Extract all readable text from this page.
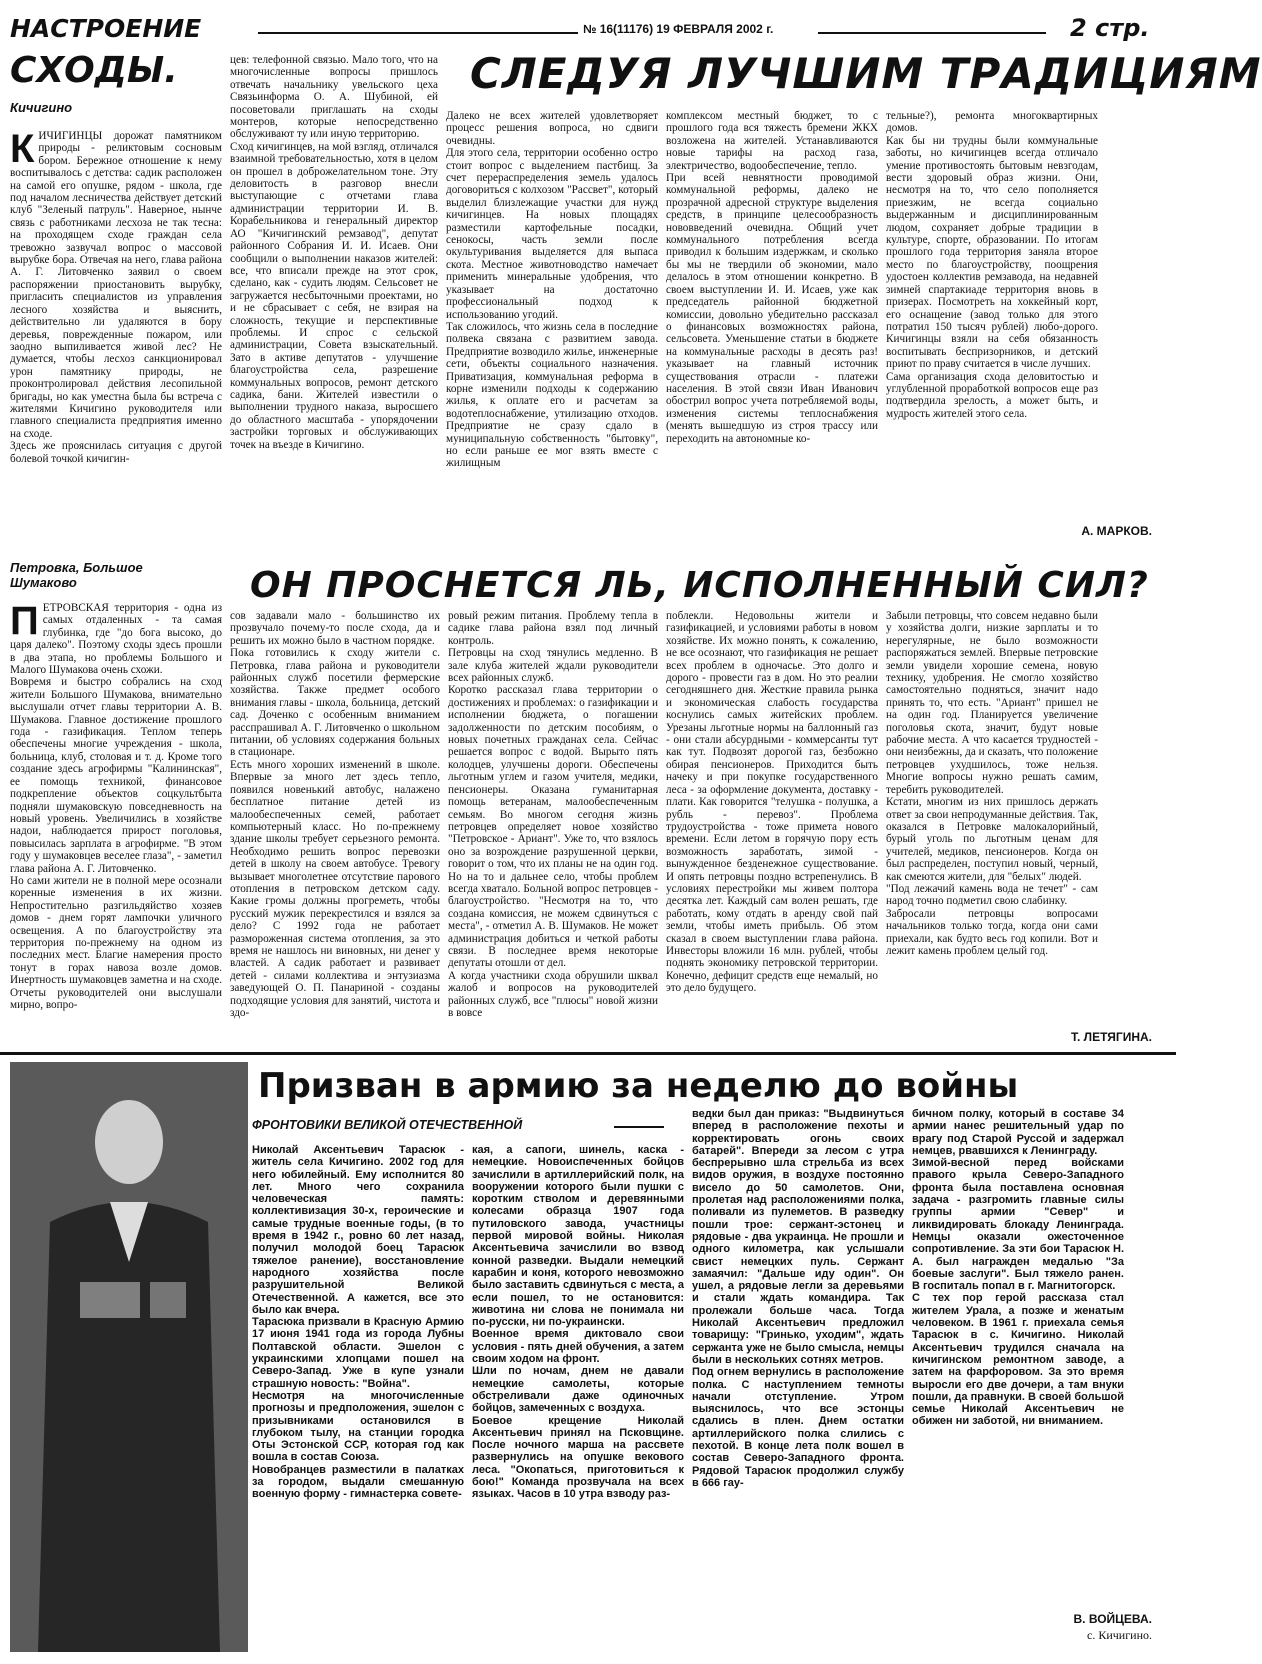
НАСТРОЕНИЕ	№ 16(11176) 19 ФЕВРАЛЯ 2002 г.	2 стр.
СХОДЫ.
Кичигино
СЛЕДУЯ ЛУЧШИМ ТРАДИЦИЯМ
К ИЧИГИНЦЫ дорожат памятником природы - реликтовым сосновым бором. Бережное отношение к нему воспитывалось с детства: садик расположен на самой его опушке, рядом - школа, где под началом лесничества действует детский клуб "Зеленый патруль". Наверное, нынче связь с работниками лесхоза не так тесна: на проходящем сходе граждан села тревожно зазвучал вопрос о массовой вырубке бора. Отвечая на него, глава района А. Г. Литовченко заявил о своем распоряжении приостановить вырубку, пригласить специалистов из управления лесного хозяйства и выяснить, действительно ли удаляются в бору деревья, поврежденные пожаром, или заодно выпиливается живой лес? Не думается, чтобы лесхоз санкционировал урон памятнику природы, не проконтролировал действия лесопильной бригады, но как уместна была бы встреча с жителями Кичигино руководителя или главного специалиста предприятия именно на сходе.
Здесь же прояснилась ситуация с другой болевой точкой кичигин-
цев: телефонной связью. Мало того, что на многочисленные вопросы пришлось отвечать начальнику увельского цеха Связьинформа О. А. Шубиной, ей посоветовали приглашать на сходы монтеров, которые непосредственно обслуживают ту или иную территорию.
Сход кичигинцев, на мой взгляд, отличался взаимной требовательностью, хотя в целом он прошел в доброжелательном тоне. Эту деловитость в разговор внесли выступающие с отчетами глава администрации территории И. В. Корабельникова и генеральный директор АО "Кичигинский ремзавод", депутат районного Собрания И. И. Исаев. Они сообщили о выполнении наказов жителей: все, что вписали прежде на этот срок, сделано, как - судить людям. Сельсовет не загружается несбыточными проектами, но и не сбрасывает с себя, не взирая на сложность, текущие и перспективные проблемы. И спрос с сельской администрации, Совета взыскательный. Зато в активе депутатов - улучшение благоустройства села, разрешение коммунальных вопросов, ремонт детского садика, бани. Жителей известили о выполнении трудного наказа, выросшего до областного масштаба - упорядочении застройки торговых и обслуживающих точек на въезде в Кичигино.
Далеко не всех жителей удовлетворяет процесс решения вопроса, но сдвиги очевидны.
Для этого села, территории особенно остро стоит вопрос с выделением пастбищ. За счет перераспределения земель удалось договориться с колхозом "Рассвет", который выделил близлежащие участки для нужд кичигинцев. На новых площадях разместили картофельные посадки, сенокосы, часть земли после окультуривания выделяется для выпаса скота. Местное животноводство намечает применить минеральные удобрения, что указывает на достаточно профессиональный подход к использованию угодий.
Так сложилось, что жизнь села в последние полвека связана с развитием завода. Предприятие возводило жилье, инженерные сети, объекты социального назначения. Приватизация, коммунальная реформа в корне изменили подходы к содержанию жилья, к оплате его и расчетам за водотеплоснабжение, утилизацию отходов. Предприятие не сразу сдало в муниципальную собственность "бытовку", но если раньше ее мог взять вместе с жилищным
комплексом местный бюджет, то с прошлого года вся тяжесть бремени ЖКХ возложена на жителей. Устанавливаются новые тарифы на расход газа, электричество, водообеспечение, тепло.
При всей невнятности проводимой коммунальной реформы, далеко не прозрачной адресной структуре выделения средств, в принципе целесообразность нововведений очевидна. Общий учет коммунального потребления всегда приводил к большим издержкам, и сколько бы мы не твердили об экономии, мало делалось в этом отношении конкретно. В своем выступлении И. И. Исаев, уже как председатель районной бюджетной комиссии, довольно убедительно рассказал о финансовых возможностях района, сельсовета. Уменьшение статьи в бюджете на коммунальные расходы в десять раз! указывает на главный источник существования отрасли - платежи населения. В этой связи Иван Иванович обострил вопрос учета потребляемой воды, изменения системы теплоснабжения (менять вышедшую из строя трассу или переходить на автономные ко-
тельные?), ремонта многоквартирных домов.
Как бы ни трудны были коммунальные заботы, но кичигинцев всегда отличало умение противостоять бытовым невзгодам, вести здоровый образ жизни. Они, несмотря на то, что село пополняется приезжим, не всегда социально выдержанным и дисциплинированным людом, сохраняет добрые традиции в культуре, спорте, образовании. По итогам прошлого года территория заняла второе место по благоустройству, поощрения удостоен коллектив ремзавода, на недавней зимней спартакиаде территория вновь в призерах. Посмотреть на хоккейный корт, его оснащение (завод только для этого потратил 150 тысяч рублей) любо-дорого. Кичигинцы взяли на себя обязанность воспитывать беспризорников, и детский приют по праву считается в числе лучших.
Сама организация схода деловитостью и углубленной проработкой вопросов еще раз подтвердила зрелость, а может быть, и мудрость жителей этого села.
А. МАРКОВ.
Петровка, Большое Шумаково	ОН ПРОСНЕТСЯ ЛЬ, ИСПОЛНЕННЫЙ СИЛ?
П ЕТРОВСКАЯ территория - одна из самых отдаленных - та самая глубинка, где "до бога высоко, до царя далеко". Поэтому сходы здесь прошли в два этапа, но проблемы Большого и Малого Шумакова очень схожи.
Вовремя и быстро собрались на сход жители Большого Шумакова, внимательно выслушали отчет главы территории А. В. Шумакова. Главное достижение прошлого года - газификация. Теплом теперь обеспечены многие учреждения - школа, больница, клуб, столовая и т. д. Кроме того создание здесь агрофирмы "Калининская", ее помощь техникой, финансовое подкрепление объектов соцкультбыта подняли шумаковскую повседневность на новый уровень. Увеличились в хозяйстве надои, наблюдается прирост поголовья, повысилась зарплата в агрофирме. "В этом году у шумаковцев веселее глаза", - заметил глава района А. Г. Литовченко.
Но сами жители не в полной мере осознали коренные изменения в их жизни. Непростительно разгильдяйство хозяев домов - днем горят лампочки уличного освещения. А по благоустройству эта территория по-прежнему на одном из последних мест. Благие намерения просто тонут в горах навоза возле домов. Инертность шумаковцев заметна и на сходе. Отчеты руководителей они выслушали мирно, вопро-
сов задавали мало - большинство их прозвучало почему-то после схода, да и решить их можно было в частном порядке.
Пока готовились к сходу жители с. Петровка, глава района и руководители районных служб посетили фермерские хозяйства. Также предмет особого внимания главы - школа, больница, детский сад. Доченко с особенным вниманием расспрашивал А. Г. Литовченко о школьном питании, об условиях содержания больных в стационаре.
Есть много хороших изменений в школе. Впервые за много лет здесь тепло, появился новенький автобус, налажено бесплатное питание детей из малообеспеченных семей, работает компьютерный класс. Но по-прежнему здание школы требует серьезного ремонта. Необходимо решить вопрос перевозки детей в школу на своем автобусе. Тревогу вызывает многолетнее отсутствие парового отопления в петровском детском саду. Какие громы должны прогреметь, чтобы русский мужик перекрестился и взялся за дело? С 1992 года не работает размороженная система отопления, за это время не нашлось ни виновных, ни денег у властей. А садик работает и развивает детей - силами коллектива и энтузиазма заведующей О. П. Панариной - созданы подходящие условия для занятий, чистота и здо-
ровый режим питания. Проблему тепла в садике глава района взял под личный контроль.
Петровцы на сход тянулись медленно. В зале клуба жителей ждали руководители всех районных служб.
Коротко рассказал глава территории о достижениях и проблемах: о газификации и исполнении бюджета, о погашении задолженности по детским пособиям, о новых почетных гражданах села. Сейчас решается вопрос с водой. Вырыто пять колодцев, улучшены дороги. Обеспечены льготным углем и газом учителя, медики, пенсионеры. Оказана гуманитарная помощь ветеранам, малообеспеченным семьям. Во многом сегодня жизнь петровцев определяет новое хозяйство "Петровское - Ариант". Уже то, что взялось оно за возрождение разрушенной церкви, говорит о том, что их планы не на один год. Но на то и дальнее село, чтобы проблем всегда хватало. Больной вопрос петровцев - благоустройство. "Несмотря на то, что создана комиссия, не можем сдвинуться с места", - отметил А. В. Шумаков. Не может администрация добиться и четкой работы связи. В последнее время некоторые депутаты отошли от дел.
А когда участники схода обрушили шквал жалоб и вопросов на руководителей районных служб, все "плюсы" новой жизни в вовсе
поблекли. Недовольны жители и газификацией, и условиями работы в новом хозяйстве. Их можно понять, к сожалению, не все осознают, что газификация не решает всех проблем в одночасье. Это долго и дорого - провести газ в дом. Но это реалии сегодняшнего дня. Жесткие правила рынка и экономическая слабость государства коснулись самых житейских проблем. Урезаны льготные нормы на баллонный газ - они стали абсурдными - коммерсанты тут как тут. Подвозят дорогой газ, безбожно обирая пенсионеров. Приходится быть начеку и при покупке государственного леса - за оформление документа, доставку - плати. Как говорится "телушка - полушка, а рубль - перевоз". Проблема трудоустройства - тоже примета нового времени. Если летом в горячую пору есть возможность заработать, зимой - вынужденное безденежное существование. И опять петровцы поздно встрепенулись. В условиях перестройки мы живем полтора десятка лет. Каждый сам волен решать, где работать, кому отдать в аренду свой пай земли, чтобы иметь прибыль. Об этом сказал в своем выступлении глава района. Инвесторы вложили 16 млн. рублей, чтобы поднять экономику петровской территории. Конечно, дефицит средств еще немалый, но это дело будущего.
Забыли петровцы, что совсем недавно были у хозяйства долги, низкие зарплаты и то нерегулярные, не было возможности распоряжаться землей. Впервые петровские земли увидели хорошие семена, новую технику, удобрения. Не смогло хозяйство самостоятельно подняться, значит надо принять то, что есть. "Ариант" пришел не на один год. Планируется увеличение поголовья скота, значит, будут новые рабочие места. А что касается трудностей - они неизбежны, да и сказать, что положение петровцев ухудшилось, тоже нельзя. Многие вопросы нужно решать самим, теребить руководителей.
Кстати, многим из них пришлось держать ответ за свои непродуманные действия. Так, оказался в Петровке малокалорийный, бурый уголь по льготным ценам для учителей, медиков, пенсионеров. Когда он был распределен, поступил новый, черный, как смеются жители, для "белых" людей.
"Под лежачий камень вода не течет" - сам народ точно подметил свою слабинку.
Забросали петровцы вопросами начальников только тогда, когда они сами приехали, как будто весь год копили. Вот и лежит камень проблем целый год.
Т. ЛЕТЯГИНА.
Призван в армию за неделю до войны
ФРОНТОВИКИ ВЕЛИКОЙ ОТЕЧЕСТВЕННОЙ
Николай Аксентьевич Тарасюк - житель села Кичигино. 2002 год для него юбилейный. Ему исполнится 80 лет. Много чего сохранила человеческая память: коллективизация 30-х, героические и самые трудные военные годы, (в то время в 1942 г., ровно 60 лет назад, получил молодой боец Тарасюк тяжелое ранение), восстановление народного хозяйства после разрушительной Великой Отечественной. А кажется, все это было как вчера.
Тарасюка призвали в Красную Армию 17 июня 1941 года из города Лубны Полтавской области. Эшелон с украинскими хлопцами пошел на Северо-Запад. Уже в купе узнали страшную новость: "Война".
Несмотря на многочисленные прогнозы и предположения, эшелон с призывниками остановился в глубоком тылу, на станции городка Оты Эстонской ССР, которая год как вошла в состав Союза.
Новобранцев разместили в палатках за городом, выдали смешанную военную форму - гимнастерка совете-
кая, а сапоги, шинель, каска - немецкие. Новоиспеченных бойцов зачислили в артиллерийский полк, на вооружении которого были пушки с коротким стволом и деревянными колесами образца 1907 года путиловского завода, участницы первой мировой войны. Николая Аксентьевича зачислили во взвод конной разведки. Выдали немецкий карабин и коня, которого невозможно было заставить сдвинуться с места, а если пошел, то не остановится: животина ни слова не понимала ни по-русски, ни по-украински.
Военное время диктовало свои условия - пять дней обучения, а затем своим ходом на фронт.
Шли по ночам, днем не давали немецкие самолеты, которые обстреливали даже одиночных бойцов, замеченных с воздуха.
Боевое крещение Николай Аксентьевич принял на Псковщине. После ночного марша на рассвете развернулись на опушке векового леса. "Окопаться, приготовиться к бою!" Команда прозвучала на всех языках. Часов в 10 утра взводу раз-
ведки был дан приказ: "Выдвинуться вперед в расположение пехоты и корректировать огонь своих батарей". Впереди за лесом с утра беспрерывно шла стрельба из всех видов оружия, в воздухе постоянно висело до 50 самолетов. Они, пролетая над расположениями полка, поливали из пулеметов. В разведку пошли трое: сержант-эстонец и рядовые - два украинца. Не прошли и одного километра, как услышали свист немецких пуль. Сержант замаячил: "Дальше иду один". Он ушел, а рядовые легли за деревьями и стали ждать командира. Так пролежали больше часа. Тогда Николай Аксентьевич предложил товарищу: "Гринько, уходим", ждать сержанта уже не было смысла, немцы были в нескольких сотнях метров.
Под огнем вернулись в расположение полка. С наступлением темноты начали отступление. Утром выяснилось, что все эстонцы сдались в плен. Днем остатки артиллерийского полка слились с пехотой. В конце лета полк вошел в состав Северо-Западного фронта. Рядовой Тарасюк продолжил службу в 666 гау-
бичном полку, который в составе 34 армии нанес решительный удар по врагу под Старой Руссой и задержал немцев, рвавшихся к Ленинграду.
Зимой-весной перед войсками правого крыла Северо-Западного фронта была поставлена основная задача - разгромить главные силы группы армии "Север" и ликвидировать блокаду Ленинграда. Немцы оказали ожесточенное сопротивление. За эти бои Тарасюк Н. А. был награжден медалью "За боевые заслуги". Был тяжело ранен. В госпиталь попал в г. Магнитогорск.
С тех пор герой рассказа стал жителем Урала, а позже и женатым человеком. В 1961 г. приехала семья Тарасюк в с. Кичигино. Николай Аксентьевич трудился сначала на кичигинском ремонтном заводе, а затем на фарфоровом. За это время выросли его две дочери, а там внуки пошли, да правнуки. В своей большой семье Николай Аксентьевич не обижен ни заботой, ни вниманием.
В. ВОЙЦЕВА.
с. Кичигино.
